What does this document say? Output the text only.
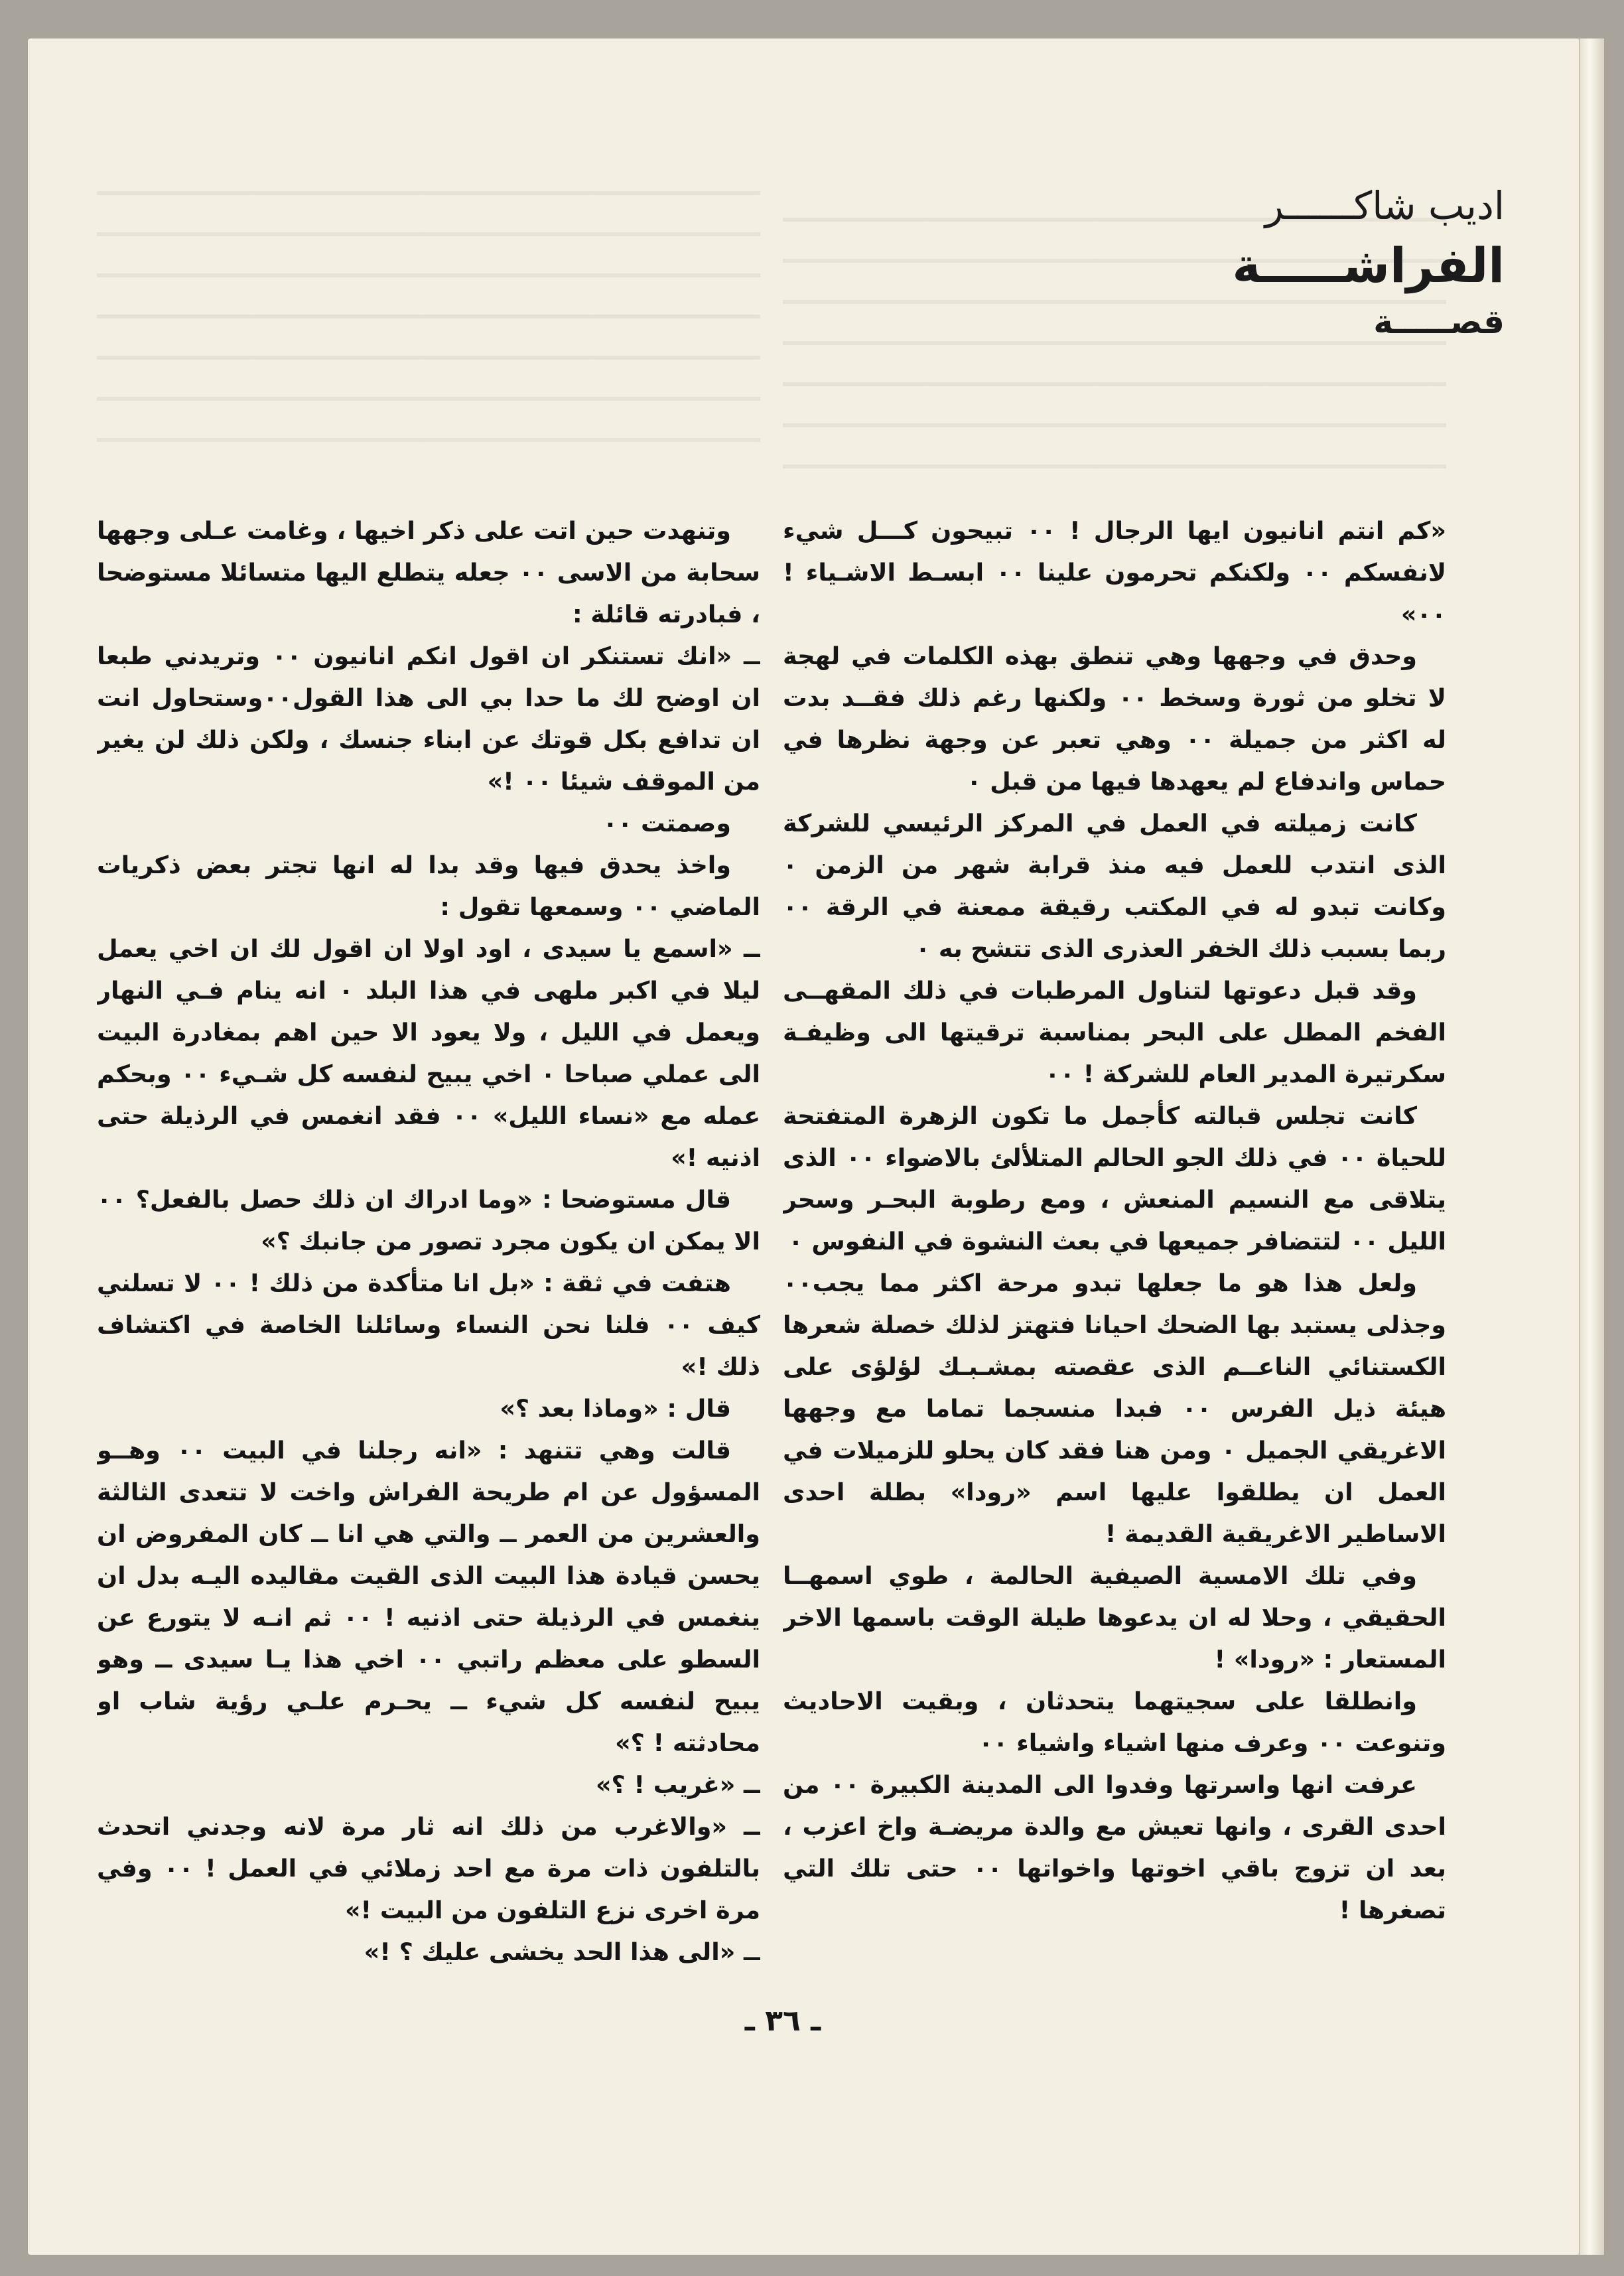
اديب شاكــــــر

الفراشـــــة

قصـــــة

«كم انتم انانيون ايها الرجال ! ٠٠ تبيحون كـــل شيء لانفسكم ٠٠ ولكنكم تحرمون علينا ٠٠ ابسـط الاشـياء ! ٠٠»

وحدق في وجهها وهي تنطق بهذه الكلمات في لهجة لا تخلو من ثورة وسخط ٠٠ ولكنها رغم ذلك فقــد بدت له اكثر من جميلة ٠٠ وهي تعبر عن وجهة نظرها في حماس واندفاع لم يعهدها فيها من قبل ٠

كانت زميلته في العمل في المركز الرئيسي للشركة الذى انتدب للعمل فيه منذ قرابة شهر من الزمن ٠ وكانت تبدو له في المكتب رقيقة ممعنة في الرقة ٠٠ ربما بسبب ذلك الخفر العذرى الذى تتشح به ٠

وقد قبل دعوتها لتناول المرطبات في ذلك المقهــى الفخم المطل على البحر بمناسبة ترقيتها الى وظيفـة سكرتيرة المدير العام للشركة ! ٠٠

كانت تجلس قبالته كأجمل ما تكون الزهرة المتفتحة للحياة ٠٠ في ذلك الجو الحالم المتلألئ بالاضواء ٠٠ الذى يتلاقى مع النسيم المنعش ، ومع رطوبة البحـر وسحر الليل ٠٠ لتتضافر جميعها في بعث النشوة في النفوس ٠

ولعل هذا هو ما جعلها تبدو مرحة اكثر مما يجب٠٠ وجذلى يستبد بها الضحك احيانا فتهتز لذلك خصلة شعرها الكستنائي الناعــم الذى عقصته بمشـبـك لؤلؤى على هيئة ذيل الفرس ٠٠ فبدا منسجما تماما مع وجهها الاغريقي الجميل ٠ ومن هنا فقد كان يحلو للزميلات في العمل ان يطلقوا عليها اسم «رودا» بطلة احدى الاساطير الاغريقية القديمة !

وفي تلك الامسية الصيفية الحالمة ، طوي اسمهــا الحقيقي ، وحلا له ان يدعوها طيلة الوقت باسمها الاخر المستعار : «رودا» !

وانطلقا على سجيتهما يتحدثان ، وبقيت الاحاديث وتنوعت ٠٠ وعرف منها اشياء واشياء ٠٠

عرفت انها واسرتها وفدوا الى المدينة الكبيرة ٠٠ من احدى القرى ، وانها تعيش مع والدة مريضـة واخ اعزب ، بعد ان تزوج باقي اخوتها واخواتها ٠٠ حتى تلك التي تصغرها !

وتنهدت حين اتت على ذكر اخيها ، وغامت عـلى وجهها سحابة من الاسى ٠٠ جعله يتطلع اليها متسائلا مستوضحا ، فبادرته قائلة :

ــ «انك تستنكر ان اقول انكم انانيون ٠٠ وتريدني طبعا ان اوضح لك ما حدا بي الى هذا القول٠٠وستحاول انت ان تدافع بكل قوتك عن ابناء جنسك ، ولكن ذلك لن يغير من الموقف شيئا ٠٠ !»

وصمتت ٠٠

واخذ يحدق فيها وقد بدا له انها تجتر بعض ذكريات الماضي ٠٠ وسمعها تقول :

ــ «اسمع يا سيدى ، اود اولا ان اقول لك ان اخي يعمل ليلا في اكبر ملهى في هذا البلد ٠ انه ينام فـي النهار ويعمل في الليل ، ولا يعود الا حين اهم بمغادرة البيت الى عملي صباحا ٠ اخي يبيح لنفسه كل شـيء ٠٠ وبحكم عمله مع «نساء الليل» ٠٠ فقد انغمس في الرذيلة حتى اذنيه !»

قال مستوضحا : «وما ادراك ان ذلك حصل بالفعل؟ ٠٠ الا يمكن ان يكون مجرد تصور من جانبك ؟»

هتفت في ثقة : «بل انا متأكدة من ذلك ! ٠٠ لا تسلني كيف ٠٠ فلنا نحن النساء وسائلنا الخاصة في اكتشاف ذلك !»

قال : «وماذا بعد ؟»

قالت وهي تتنهد : «انه رجلنا في البيت ٠٠ وهــو المسؤول عن ام طريحة الفراش واخت لا تتعدى الثالثة والعشرين من العمر ــ والتي هي انا ــ كان المفروض ان يحسن قيادة هذا البيت الذى القيت مقاليده اليـه بدل ان ينغمس في الرذيلة حتى اذنيه ! ٠٠ ثم انـه لا يتورع عن السطو على معظم راتبي ٠٠ اخي هذا يـا سيدى ــ وهو يبيح لنفسه كل شيء ــ يحـرم علـي رؤية شاب او محادثته ! ؟»

ــ «غريب ! ؟»

ــ «والاغرب من ذلك انه ثار مرة لانه وجدني اتحدث بالتلفون ذات مرة مع احد زملائي في العمل ! ٠٠ وفي مرة اخرى نزع التلفون من البيت !»

ــ «الى هذا الحد يخشى عليك ؟ !»

ـ ٣٦ ـ
